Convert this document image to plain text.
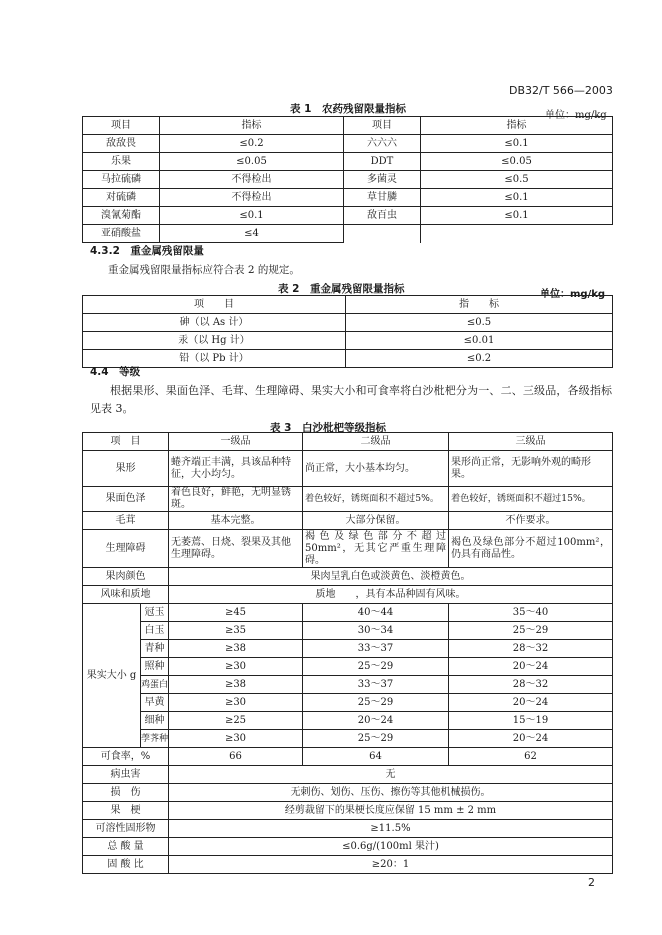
DB32/T 566—2003
表 1　农药残留限量指标
单位：mg/kg
项目	指标	项目	指标
敌敌畏	≤0.2	六六六	≤0.1
乐果	≤0.05	DDT	≤0.05
马拉硫磷	不得检出	多菌灵	≤0.5
对硫磷	不得检出	草甘膦	≤0.1
溴氰菊酯	≤0.1	敌百虫	≤0.1
亚硝酸盐	≤4		
4.3.2　重金属残留限量
重金属残留限量指标应符合表 2 的规定。
表 2　重金属残留限量指标	单位：mg/kg
项　　目	指　　标
砷（以 As 计）	≤0.5
汞（以 Hg 计）	≤0.01
铅（以 Pb 计）	≤0.2
4.4　等级
根据果形、果面色泽、毛茸、生理障碍、果实大小和可食率将白沙枇杷分为一、二、三级品，各级指标见表 3。
表 3　白沙枇杷等级指标
项　目		一级品	二级品	三级品
果形		蜷齐端正丰满，具该品种特征，大小均匀。	尚正常，大小基本均匀。	果形尚正常，无影响外观的畸形果。
果面色泽		着色良好，鲜艳，无明显锈斑。	着色较好，锈斑面积不超过5%。	着色较好，锈斑面积不超过15%。
毛茸		基本完整。	大部分保留。	不作要求。
生理障碍		无萎蔫、日烧、裂果及其他生理障碍。	褐色及绿色部分不超过50mm²，无其它严重生理障碍。	褐色及绿色部分不超过100mm²，仍具有商品性。
果肉颜色		果肉呈乳白色或淡黄色、淡橙黄色。		
风味和质地		质地　　，具有本品种固有风味。		
果实大小 g	冠玉	≥45	40～44	35～40
	白玉	≥35	30～34	25～29
	青种	≥38	33～37	28～32
	照种	≥30	25～29	20～24
	鸡蛋白	≥38	33～37	28～32
	早黄	≥30	25～29	20～24
	细种	≥25	20～24	15～19
	荸荠种	≥30	25～29	20～24
可食率，%		66	64	62
病虫害		无		
损　伤		无刺伤、划伤、压伤、擦伤等其他机械损伤。		
果　梗		经剪裁留下的果梗长度应保留 15 mm ± 2 mm		
可溶性固形物		≥11.5%		
总 酸 量		≤0.6g/(100ml 果汁)		
固 酸 比		≥20：1		
2
